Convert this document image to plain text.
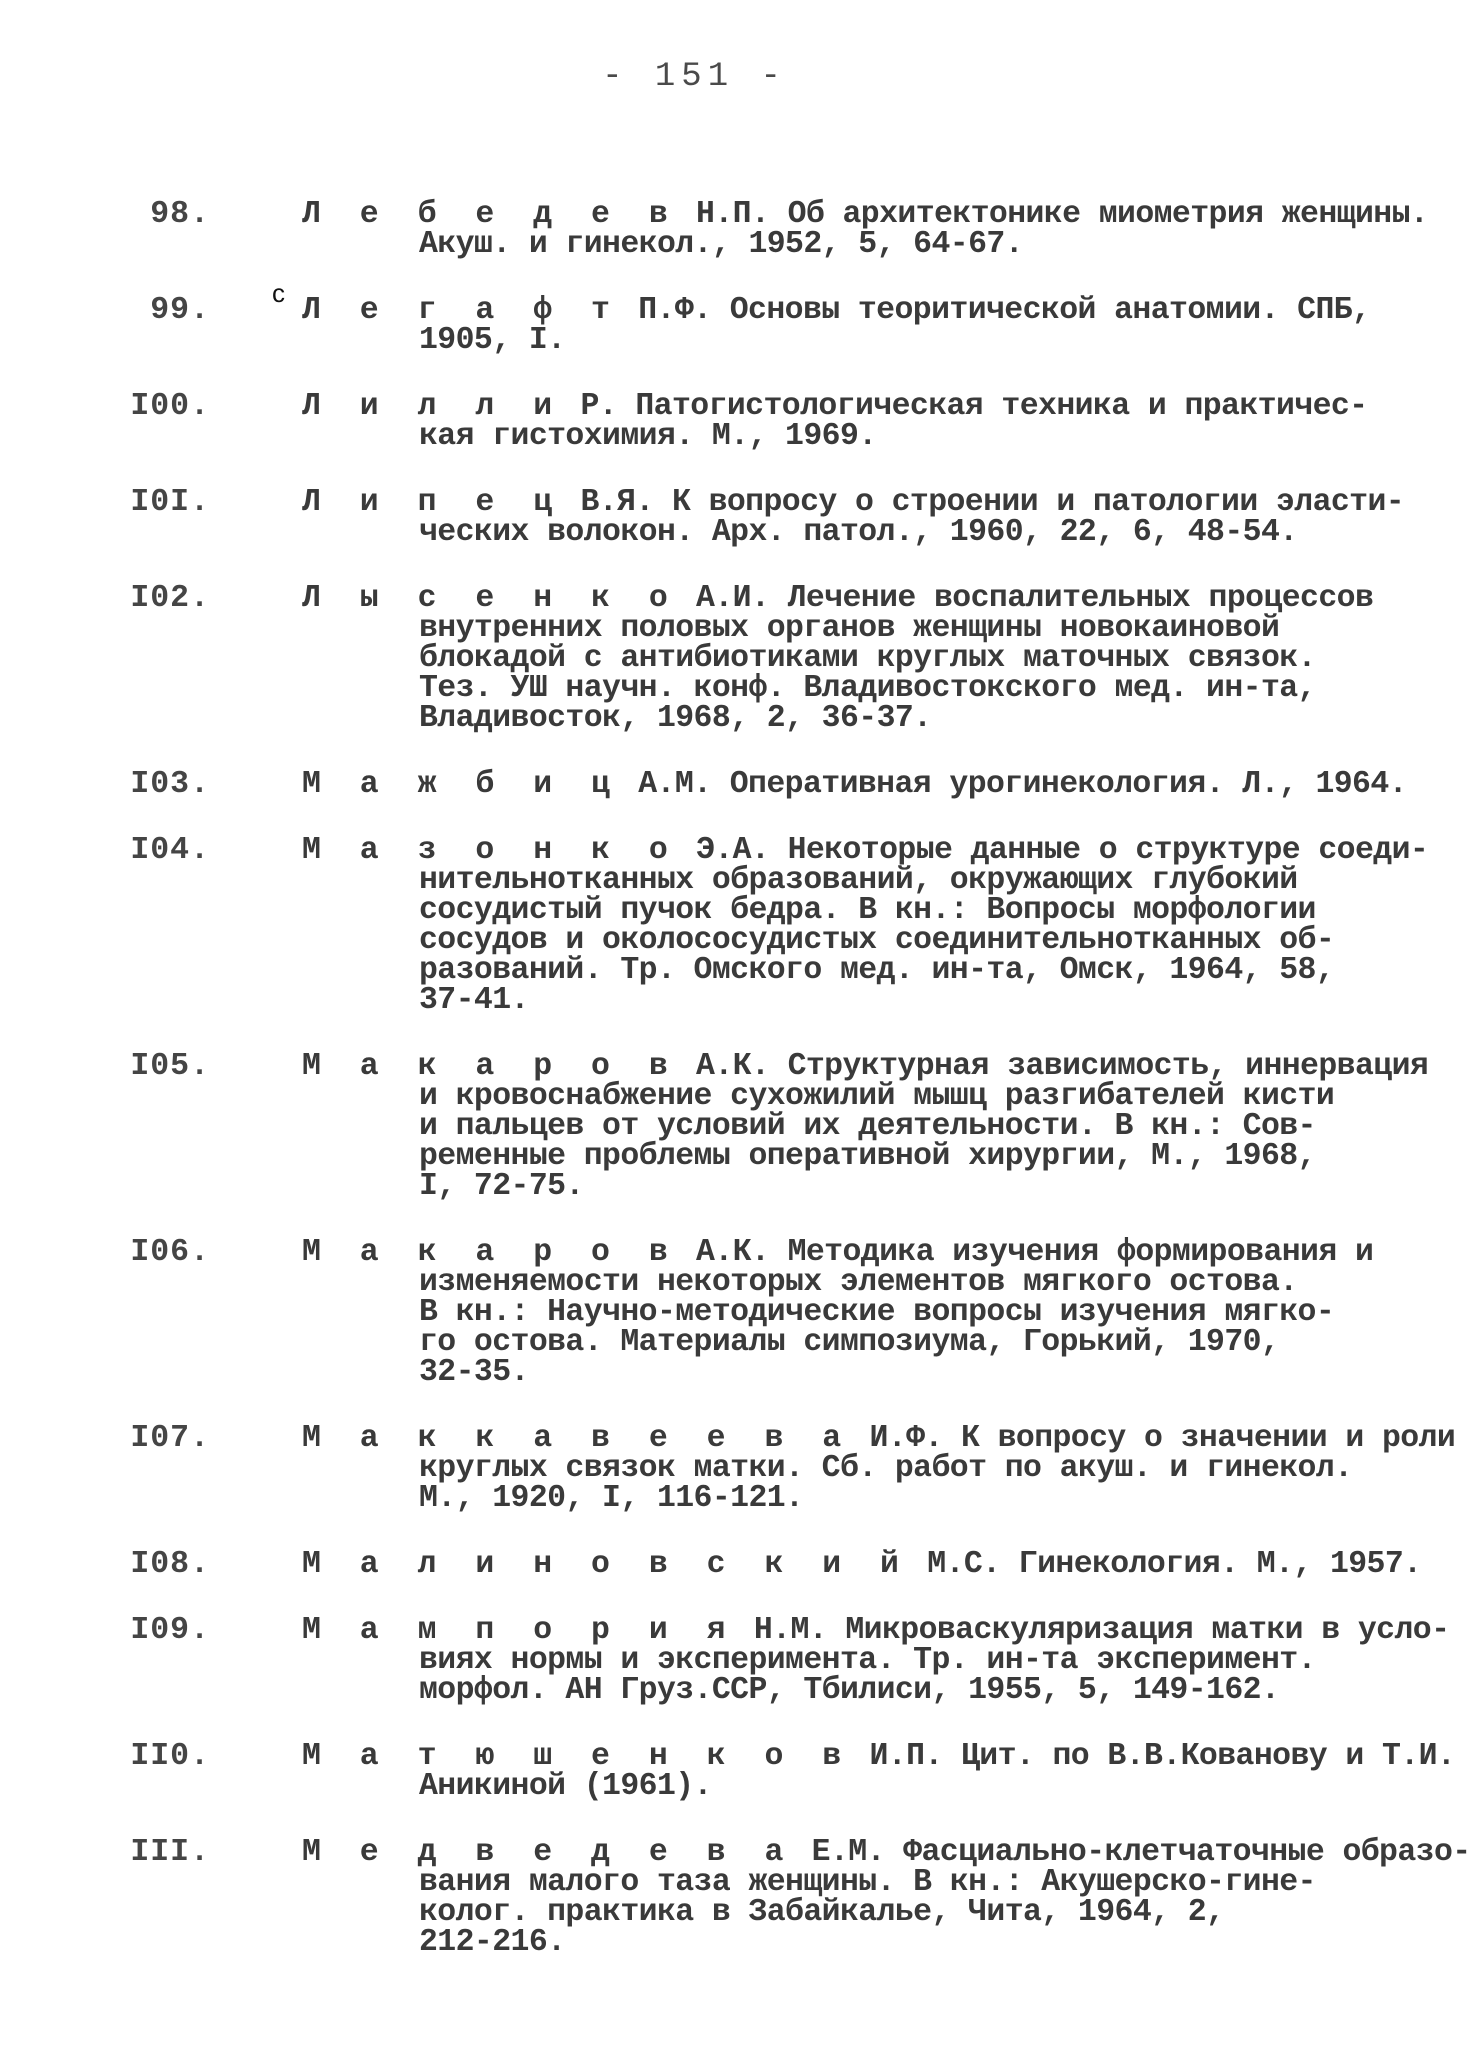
- 151 -
с
98.	Л е б е д е в Н.П. Об архитектонике миометрия женщины.
Акуш. и гинекол., 1952, 5, 64-67.
99.	Л е г а ф т П.Ф. Основы теоритической анатомии. СПБ,
1905, I.
I00.	Л и л л и Р. Патогистологическая техника и практичес-
кая гистохимия. М., 1969.
I0I.	Л и п е ц В.Я. К вопросу о строении и патологии эласти-
ческих волокон. Арх. патол., 1960, 22, 6, 48-54.
I02.	Л ы с е н к о А.И. Лечение воспалительных процессов
внутренних половых органов женщины новокаиновой
блокадой с антибиотиками круглых маточных связок.
Тез. УШ научн. конф. Владивостокского мед. ин-та,
Владивосток, 1968, 2, 36-37.
I03.	М а ж б и ц А.М. Оперативная урогинекология. Л., 1964.
I04.	М а з о н к о Э.А. Некоторые данные о структуре соеди-
нительнотканных образований, окружающих глубокий
сосудистый пучок бедра. В кн.: Вопросы морфологии
сосудов и околососудистых соединительнотканных об-
разований. Тр. Омского мед. ин-та, Омск, 1964, 58,
37-41.
I05.	М а к а р о в А.К. Структурная зависимость, иннервация
и кровоснабжение сухожилий мышц разгибателей кисти
и пальцев от условий их деятельности. В кн.: Сов-
ременные проблемы оперативной хирургии, М., 1968,
I, 72-75.
I06.	М а к а р о в А.К. Методика изучения формирования и
изменяемости некоторых элементов мягкого остова.
В кн.: Научно-методические вопросы изучения мягко-
го остова. Материалы симпозиума, Горький, 1970,
32-35.
I07.	М а к к а в е е в а И.Ф. К вопросу о значении и роли
круглых связок матки. Сб. работ по акуш. и гинекол.
М., 1920, I, 116-121.
I08.	М а л и н о в с к и й М.С. Гинекология. М., 1957.
I09.	М а м п о р и я Н.М. Микроваскуляризация матки в усло-
виях нормы и эксперимента. Тр. ин-та эксперимент.
морфол. АН Груз.ССР, Тбилиси, 1955, 5, 149-162.
II0.	М а т ю ш е н к о в И.П. Цит. по В.В.Кованову и Т.И.
Аникиной (1961).
III.	М е д в е д е в а Е.М. Фасциально-клетчаточные образо-
вания малого таза женщины. В кн.: Акушерско-гине-
колог. практика в Забайкалье, Чита, 1964, 2,
212-216.
